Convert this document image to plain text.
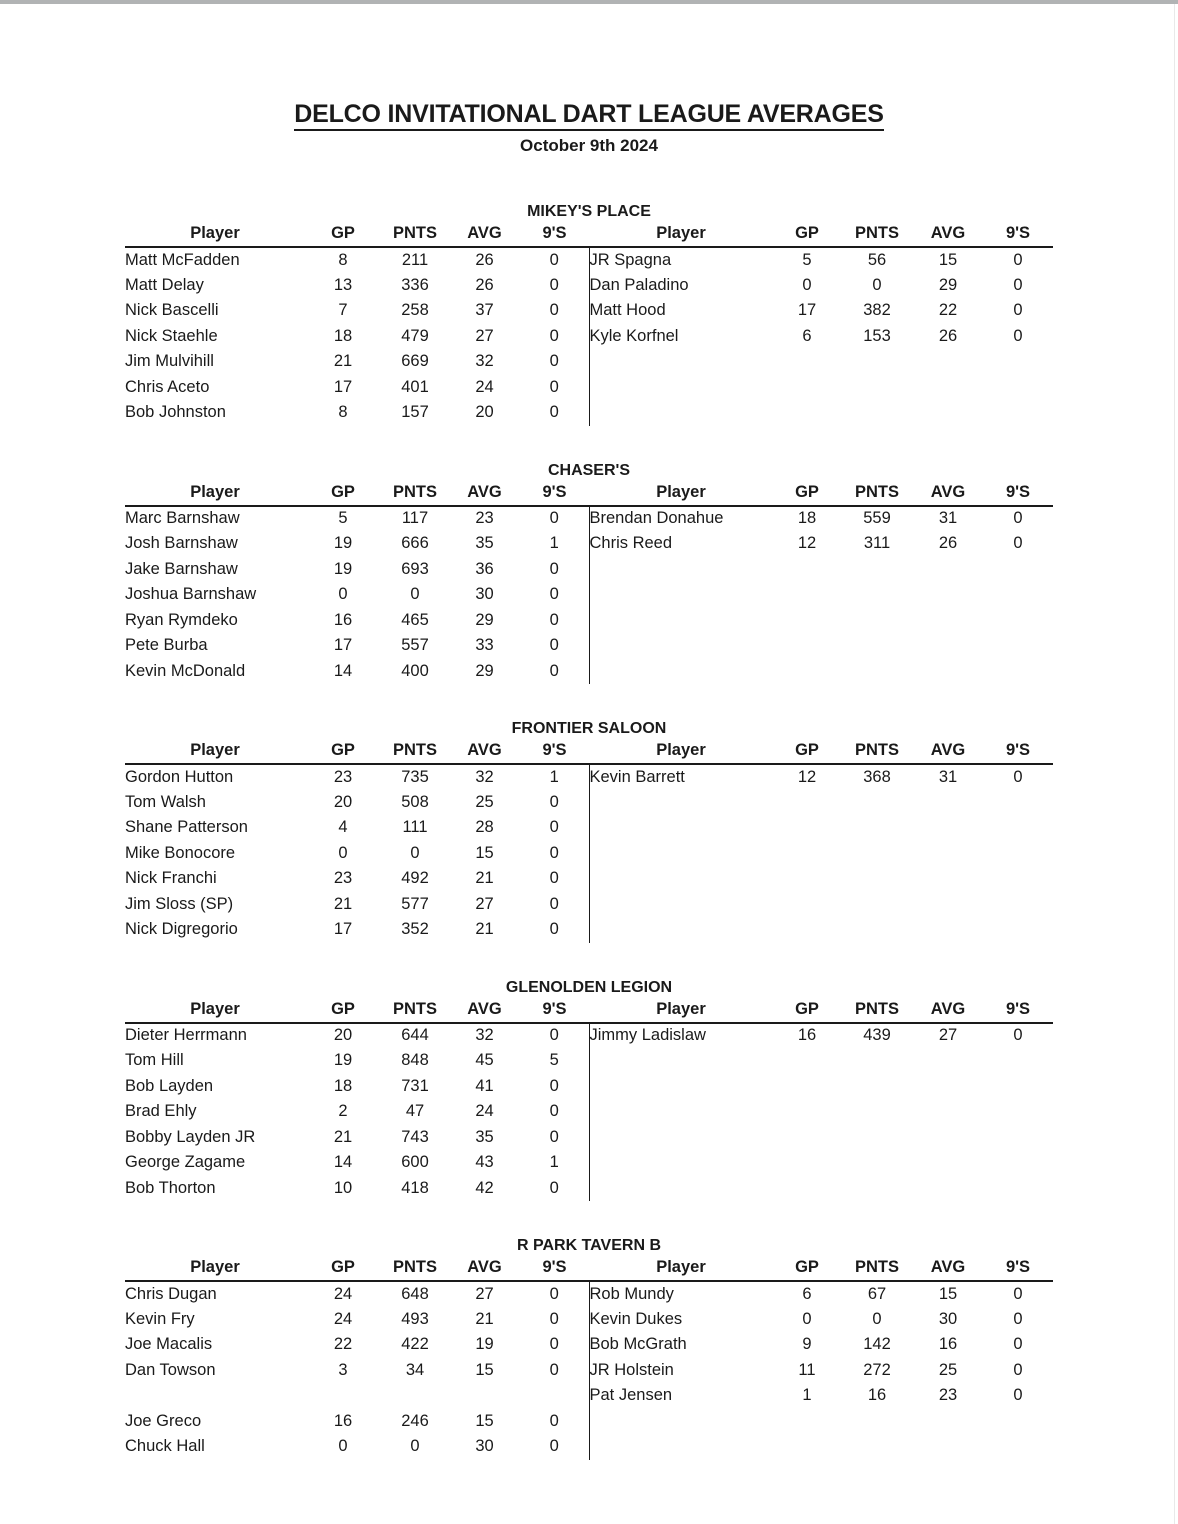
DELCO INVITATIONAL DART LEAGUE AVERAGES
October 9th 2024
MIKEY'S PLACE
Player	GP	PNTS	AVG	9'S	Player	GP	PNTS	AVG	9'S
Matt McFadden	8	211	26	0	JR Spagna	5	56	15	0
Matt Delay	13	336	26	0	Dan Paladino	0	0	29	0
Nick Bascelli	7	258	37	0	Matt Hood	17	382	22	0
Nick Staehle	18	479	27	0	Kyle Korfnel	6	153	26	0
Jim Mulvihill	21	669	32	0					
Chris Aceto	17	401	24	0					
Bob Johnston	8	157	20	0					
CHASER'S
Player	GP	PNTS	AVG	9'S	Player	GP	PNTS	AVG	9'S
Marc Barnshaw	5	117	23	0	Brendan Donahue	18	559	31	0
Josh Barnshaw	19	666	35	1	Chris Reed	12	311	26	0
Jake Barnshaw	19	693	36	0					
Joshua Barnshaw	0	0	30	0					
Ryan Rymdeko	16	465	29	0					
Pete Burba	17	557	33	0					
Kevin McDonald	14	400	29	0					
FRONTIER SALOON
Player	GP	PNTS	AVG	9'S	Player	GP	PNTS	AVG	9'S
Gordon Hutton	23	735	32	1	Kevin Barrett	12	368	31	0
Tom Walsh	20	508	25	0					
Shane Patterson	4	111	28	0					
Mike Bonocore	0	0	15	0					
Nick Franchi	23	492	21	0					
Jim Sloss (SP)	21	577	27	0					
Nick Digregorio	17	352	21	0					
GLENOLDEN LEGION
Player	GP	PNTS	AVG	9'S	Player	GP	PNTS	AVG	9'S
Dieter Herrmann	20	644	32	0	Jimmy Ladislaw	16	439	27	0
Tom Hill	19	848	45	5					
Bob Layden	18	731	41	0					
Brad Ehly	2	47	24	0					
Bobby Layden JR	21	743	35	0					
George Zagame	14	600	43	1					
Bob Thorton	10	418	42	0					
R PARK TAVERN B
Player	GP	PNTS	AVG	9'S	Player	GP	PNTS	AVG	9'S
Chris Dugan	24	648	27	0	Rob Mundy	6	67	15	0
Kevin Fry	24	493	21	0	Kevin Dukes	0	0	30	0
Joe Macalis	22	422	19	0	Bob McGrath	9	142	16	0
Dan Towson	3	34	15	0	JR Holstein	11	272	25	0
					Pat Jensen	1	16	23	0
Joe Greco	16	246	15	0					
Chuck Hall	0	0	30	0					
